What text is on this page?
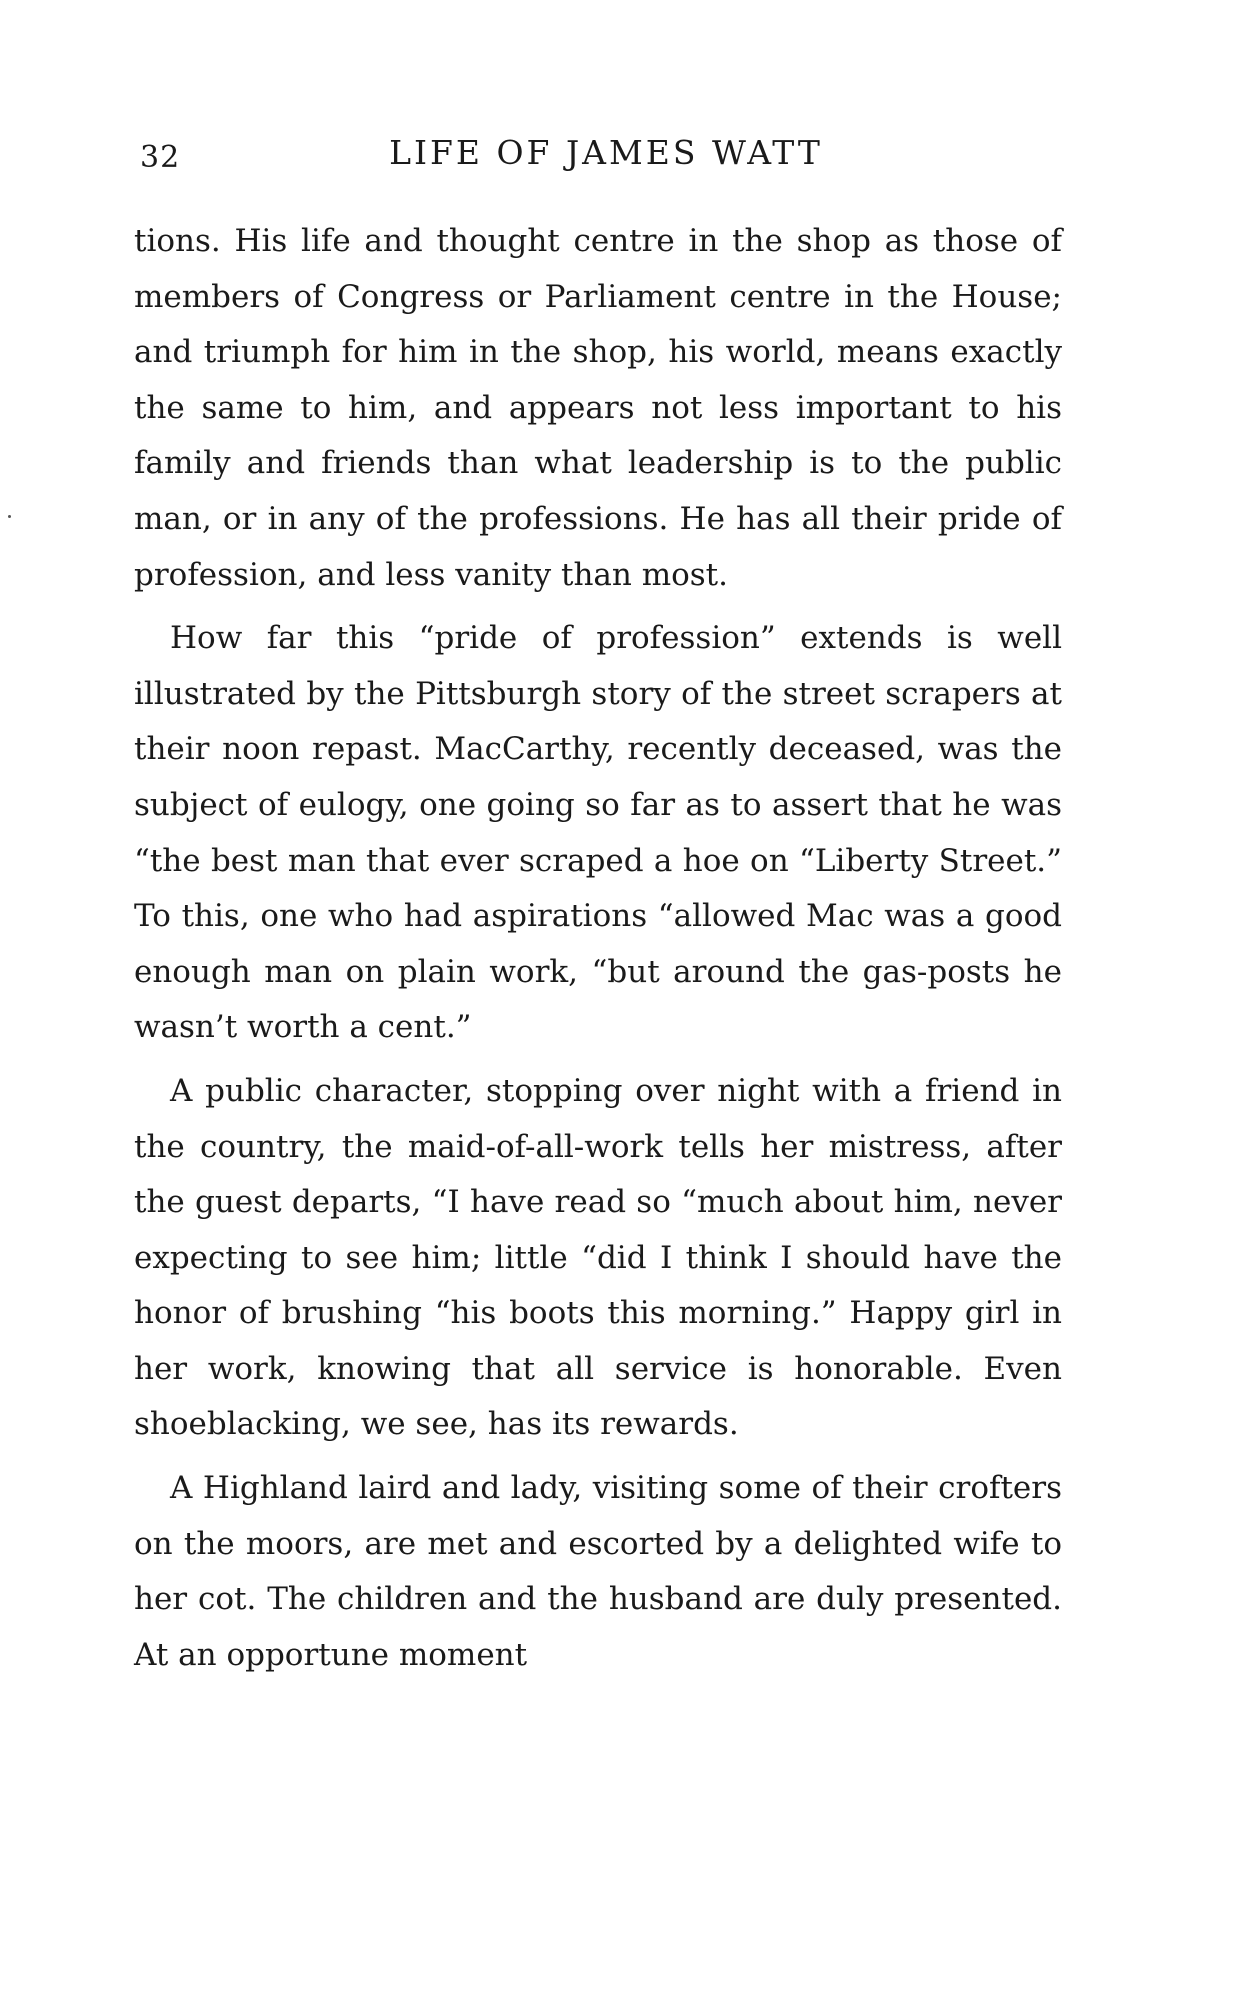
32	LIFE OF JAMES WATT

tions. His life and thought centre in the shop as those of members of Congress or Parliament centre in the House; and triumph for him in the shop, his world, means exactly the same to him, and appears not less important to his family and friends than what leadership is to the public man, or in any of the professions. He has all their pride of profession, and less vanity than most.

How far this “pride of profession” extends is well illustrated by the Pittsburgh story of the street scrapers at their noon repast. MacCarthy, recently deceased, was the subject of eulogy, one going so far as to assert that he was “the best man that ever scraped a hoe on “Liberty Street.” To this, one who had aspirations “allowed Mac was a good enough man on plain work, “but around the gas-posts he wasn’t worth a cent.”

A public character, stopping over night with a friend in the country, the maid-of-all-work tells her mistress, after the guest departs, “I have read so “much about him, never expecting to see him; little “did I think I should have the honor of brushing “his boots this morning.” Happy girl in her work, knowing that all service is honorable. Even shoeblacking, we see, has its rewards.

A Highland laird and lady, visiting some of their crofters on the moors, are met and escorted by a delighted wife to her cot. The children and the husband are duly presented. At an opportune moment
